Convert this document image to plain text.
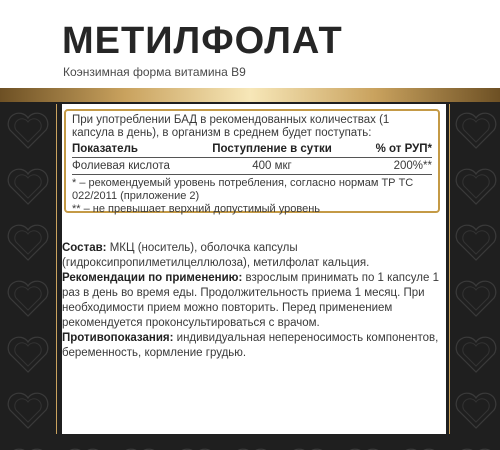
МЕТИЛФОЛАТ
Коэнзимная форма витамина B9
При употреблении БАД в рекомендованных количествах (1 капсула в день), в организм в среднем будет поступать:
Показатель	Поступление в сутки	% от РУП*
Фолиевая кислота	400 мкг	200%**
* – рекомендуемый уровень потребления, согласно нормам ТР ТС 022/2011 (приложение 2)
** – не превышает верхний допустимый уровень

Состав: МКЦ (носитель), оболочка капсулы (гидроксипропилметилцеллюлоза), метилфолат кальция.

Рекомендации по применению: взрослым принимать по 1 капсуле 1 раз в день во время еды. Продолжительность приема 1 месяц. При необходимости прием можно повторить. Перед применением рекомендуется проконсультироваться с врачом.

Противопоказания: индивидуальная непереносимость компонентов, беременность, кормление грудью.

НЕ ЯВЛЯЕТСЯ ЛЕКАРСТВЕННЫМ СРЕДСТВОМ.
